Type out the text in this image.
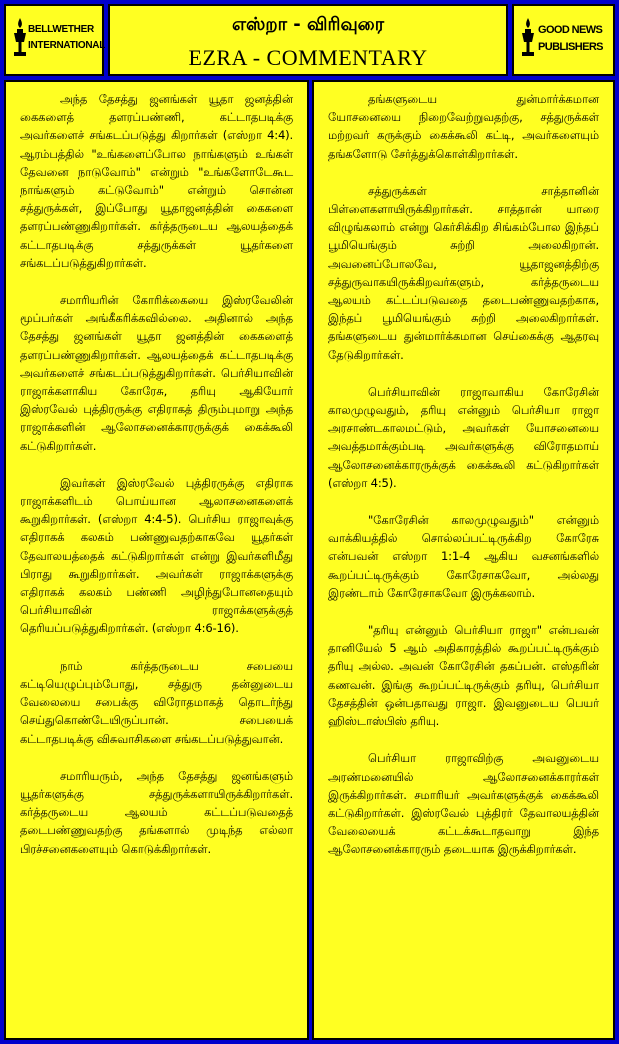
BELLWETHER
INTERNATIONAL
எஸ்றா - விரிவுரை
EZRA - COMMENTARY
GOOD NEWS
PUBLISHERS

அந்த தேசத்து ஜனங்கள் யூதா ஜனத்தின் கைகளைத் தளரப்பண்ணி, கட்டாதபடிக்கு அவர்களைச் சங்கடப்படுத்து கிறார்கள் (எஸ்றா 4:4). ஆரம்பத்தில் "உங்களைப்போல நாங்களும் உங்கள் தேவனை நாடுவோம்" என்றும் "உங்களோடேகூட நாங்களும் கட்டுவோம்" என்றும் சொன்ன சத்துருக்கள், இப்போது யூதாஜனத்தின் கைகளை தளரப்பண்ணுகிறார்கள். கர்த்தருடைய ஆலயத்தைக் கட்டாதபடிக்கு சத்துருக்கள் யூதர்களை சங்கடப்படுத்துகிறார்கள்.

சமாரியரின் கோரிக்கையை இஸ்ரவேலின் மூப்பர்கள் அங்கீகரிக்கவில்லை. அதினால் அந்த தேசத்து ஜனங்கள் யூதா ஜனத்தின் கைகளைத் தளரப்பண்ணுகிறார்கள். ஆலயத்தைக் கட்டாதபடிக்கு அவர்களைச் சங்கடப்படுத்துகிறார்கள். பெர்சியாவின் ராஜாக்களாகிய கோரேசு, தரியு ஆகியோர் இஸ்ரவேல் புத்திரருக்கு எதிராகத் திரும்புமாறு அந்த ராஜாக்களின் ஆலோசனைக்காரருக்குக் கைக்கூலி கட்டுகிறார்கள்.

இவர்கள் இஸ்ரவேல் புத்திரருக்கு எதிராக ராஜாக்களிடம் பொய்யான ஆலாசனைகளைக் கூறுகிறார்கள். (எஸ்றா 4:4-5). பெர்சிய ராஜாவுக்கு எதிராகக் கலகம் பண்ணுவதற்காகவே யூதர்கள் தேவாலயத்தைக் கட்டுகிறார்கள் என்று இவர்களிமீது பிராது கூறுகிறார்கள். அவர்கள் ராஜாக்களுக்கு எதிராகக் கலகம் பண்ணி அழிந்துபோனதையும் பெர்சியாவின் ராஜாக்களுக்குத் தெரியப்படுத்துகிறார்கள். (எஸ்றா 4:6-16).

நாம் கர்த்தருடைய சபையை கட்டியெழுப்பும்போது, சத்துரு தன்னுடைய வேலையை சபைக்கு விரோதமாகத் தொடர்ந்து செய்துகொண்டேயிருப்பான். சபையைக் கட்டாதபடிக்கு விசுவாசிகளை சங்கடப்படுத்துவான்.

சமாரியரும், அந்த தேசத்து ஜனங்களும் யூதர்களுக்கு சத்துருக்களாயிருக்கிறார்கள். கர்த்தருடைய ஆலயம் கட்டப்படுவதைத் தடைபண்ணுவதற்கு தங்களால் முடிந்த எல்லா பிரச்சனைகளையும் கொடுக்கிறார்கள்.

தங்களுடைய துன்மார்க்கமான யோசனையை நிறைவேற்றுவதற்கு, சத்துருக்கள் மற்றவர் கருக்கும் கைக்கூலி கட்டி, அவர்களையும் தங்களோடு சேர்த்துக்கொள்கிறார்கள்.

சத்துருக்கள் சாத்தானின் பிள்ளைகளாயிருக்கிறார்கள். சாத்தான் யாரை விழுங்கலாம் என்று கெர்சிக்கிற சிங்கம்போல இந்தப் பூமியெங்கும் சுற்றி அலைகிறான். அவனைப்போலவே, யூதாஜனத்திற்கு சத்துருவாகயிருக்கிறவர்களும், கர்த்தருடைய ஆலயம் கட்டப்படுவதை தடைபண்ணுவதற்காக, இந்தப் பூமியெங்கும் சுற்றி அலைகிறார்கள். தங்களுடைய துன்மார்க்கமான செய்கைக்கு ஆதரவு தேடுகிறார்கள்.

பெர்சியாவின் ராஜாவாகிய கோரேசின் காலமுழுவதும், தரியு என்னும் பெர்சியா ராஜா அரசாண்டகாலமட்டும், அவர்கள் யோசனையை அவத்தமாக்கும்படி அவர்களுக்கு விரோதமாய் ஆலோசனைக்காரருக்குக் கைக்கூலி கட்டுகிறார்கள் (எஸ்றா 4:5).

"கோரேசின் காலமுழுவதும்" என்னும் வாக்கியத்தில் சொல்லப்பட்டிருக்கிற கோரேசு என்பவன் எஸ்றா 1:1-4 ஆகிய வசனங்களில் கூறப்பட்டிருக்கும் கோரேசாகவோ, அல்லது இரண்டாம் கோரேசாகவோ இருக்கலாம்.

"தரியு என்னும் பெர்சியா ராஜா" என்பவன் தானியேல் 5 ஆம் அதிகாரத்தில் கூறப்பட்டிருக்கும் தரியு அல்ல. அவன் கோரேசின் தகப்பன். எஸ்தரின் கணவன். இங்கு கூறப்பட்டிருக்கும் தரியு, பெர்சியா தேசத்தின் ஒன்பதாவது ராஜா. இவனுடைய பெயர் ஹிஸ்டாஸ்பிஸ் தரியு.

பெர்சியா ராஜாவிற்கு அவனுடைய அரண்மனையில் ஆலோசனைக்காரர்கள் இருக்கிறார்கள். சமாரியர் அவர்களுக்குக் கைக்கூலி கட்டுகிறார்கள். இஸ்ரவேல் புத்திரர் தேவாலயத்தின் வேலையைக் கட்டக்கூடாதவாறு இந்த ஆலோசனைக்காரரும் தடையாக இருக்கிறார்கள்.
